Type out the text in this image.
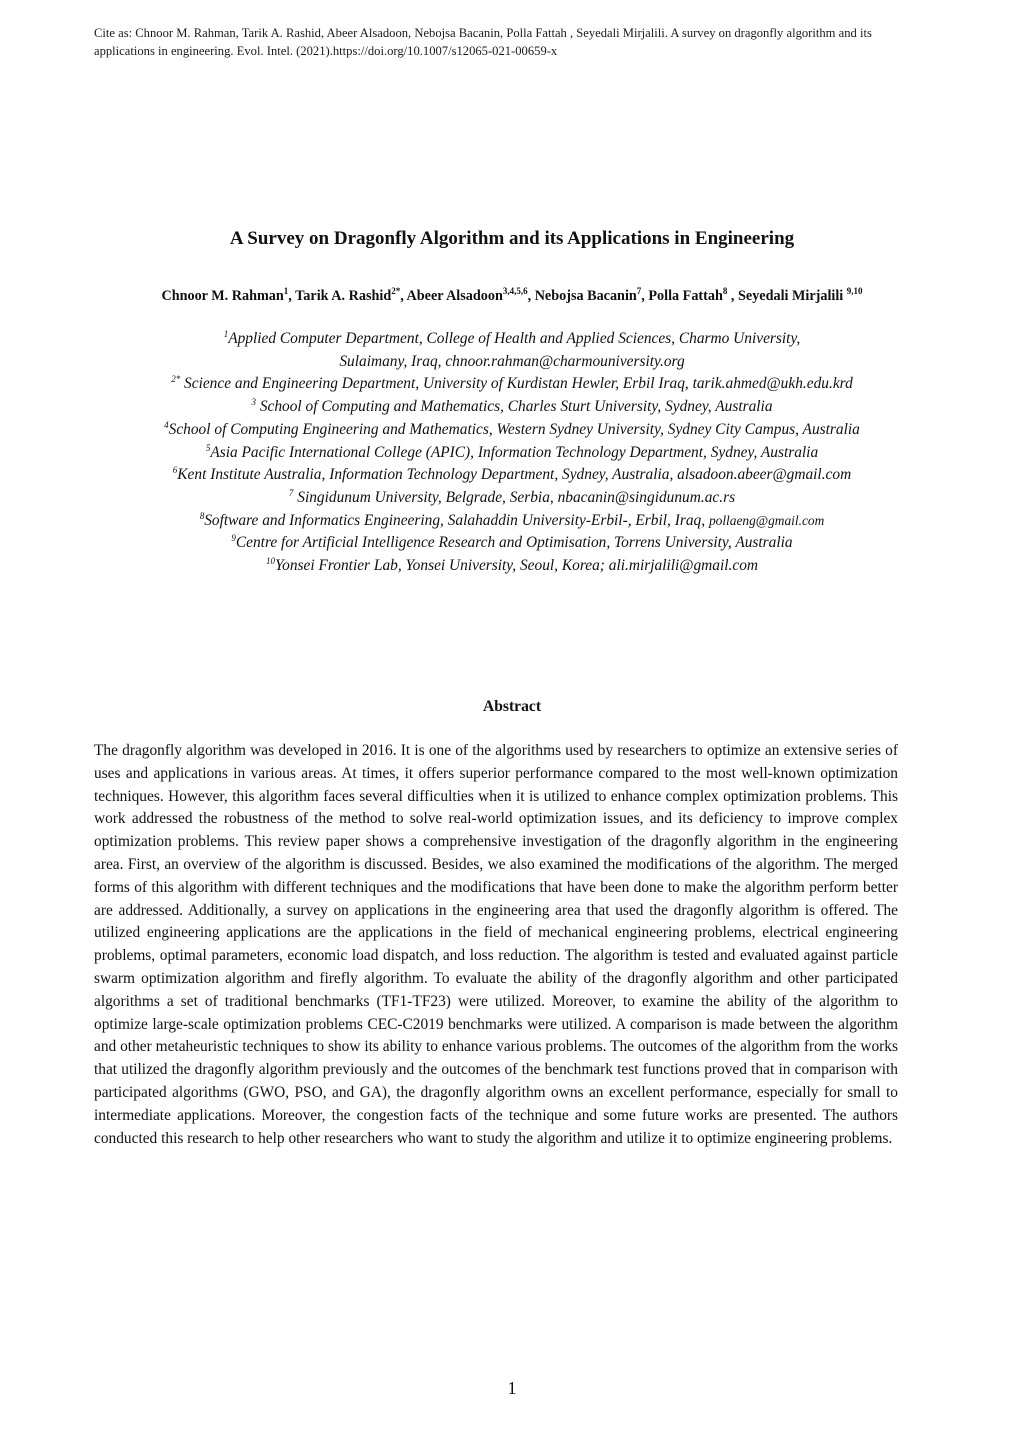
Cite as: Chnoor M. Rahman, Tarik A. Rashid, Abeer Alsadoon, Nebojsa Bacanin, Polla Fattah , Seyedali Mirjalili. A survey on dragonfly algorithm and its applications in engineering. Evol. Intel. (2021).https://doi.org/10.1007/s12065-021-00659-x
A Survey on Dragonfly Algorithm and its Applications in Engineering
Chnoor M. Rahman$^1$, Tarik A. Rashid$^{2*}$, Abeer Alsadoon$^{3,4,5,6}$, Nebojsa Bacanin$^7$, Polla Fattah$^8$ , Seyedali Mirjalili $^{9,10}$
$^1$Applied Computer Department, College of Health and Applied Sciences, Charmo University,
Sulaimany, Iraq, chnoor.rahman@charmouniversity.org
$^{2*}$ Science and Engineering Department, University of Kurdistan Hewler, Erbil Iraq, tarik.ahmed@ukh.edu.krd
$^3$ School of Computing and Mathematics, Charles Sturt University, Sydney, Australia
$^4$School of Computing Engineering and Mathematics, Western Sydney University, Sydney City Campus, Australia
$^5$Asia Pacific International College (APIC), Information Technology Department, Sydney, Australia
$^6$Kent Institute Australia, Information Technology Department, Sydney, Australia, alsadoon.abeer@gmail.com
$^7$ Singidunum University, Belgrade, Serbia, nbacanin@singidunum.ac.rs
$^8$Software and Informatics Engineering, Salahaddin University-Erbil-, Erbil, Iraq, pollaeng@gmail.com
$^9$Centre for Artificial Intelligence Research and Optimisation, Torrens University, Australia
$^{10}$Yonsei Frontier Lab, Yonsei University, Seoul, Korea; ali.mirjalili@gmail.com
Abstract

The dragonfly algorithm was developed in 2016. It is one of the algorithms used by researchers to optimize an extensive series of uses and applications in various areas. At times, it offers superior performance compared to the most well-known optimization techniques. However, this algorithm faces several difficulties when it is utilized to enhance complex optimization problems. This work addressed the robustness of the method to solve real-world optimization issues, and its deficiency to improve complex optimization problems. This review paper shows a comprehensive investigation of the dragonfly algorithm in the engineering area. First, an overview of the algorithm is discussed. Besides, we also examined the modifications of the algorithm. The merged forms of this algorithm with different techniques and the modifications that have been done to make the algorithm perform better are addressed. Additionally, a survey on applications in the engineering area that used the dragonfly algorithm is offered. The utilized engineering applications are the applications in the field of mechanical engineering problems, electrical engineering problems, optimal parameters, economic load dispatch, and loss reduction. The algorithm is tested and evaluated against particle swarm optimization algorithm and firefly algorithm. To evaluate the ability of the dragonfly algorithm and other participated algorithms a set of traditional benchmarks (TF1-TF23) were utilized. Moreover, to examine the ability of the algorithm to optimize large-scale optimization problems CEC-C2019 benchmarks were utilized. A comparison is made between the algorithm and other metaheuristic techniques to show its ability to enhance various problems. The outcomes of the algorithm from the works that utilized the dragonfly algorithm previously and the outcomes of the benchmark test functions proved that in comparison with participated algorithms (GWO, PSO, and GA), the dragonfly algorithm owns an excellent performance, especially for small to intermediate applications. Moreover, the congestion facts of the technique and some future works are presented. The authors conducted this research to help other researchers who want to study the algorithm and utilize it to optimize engineering problems.

1
